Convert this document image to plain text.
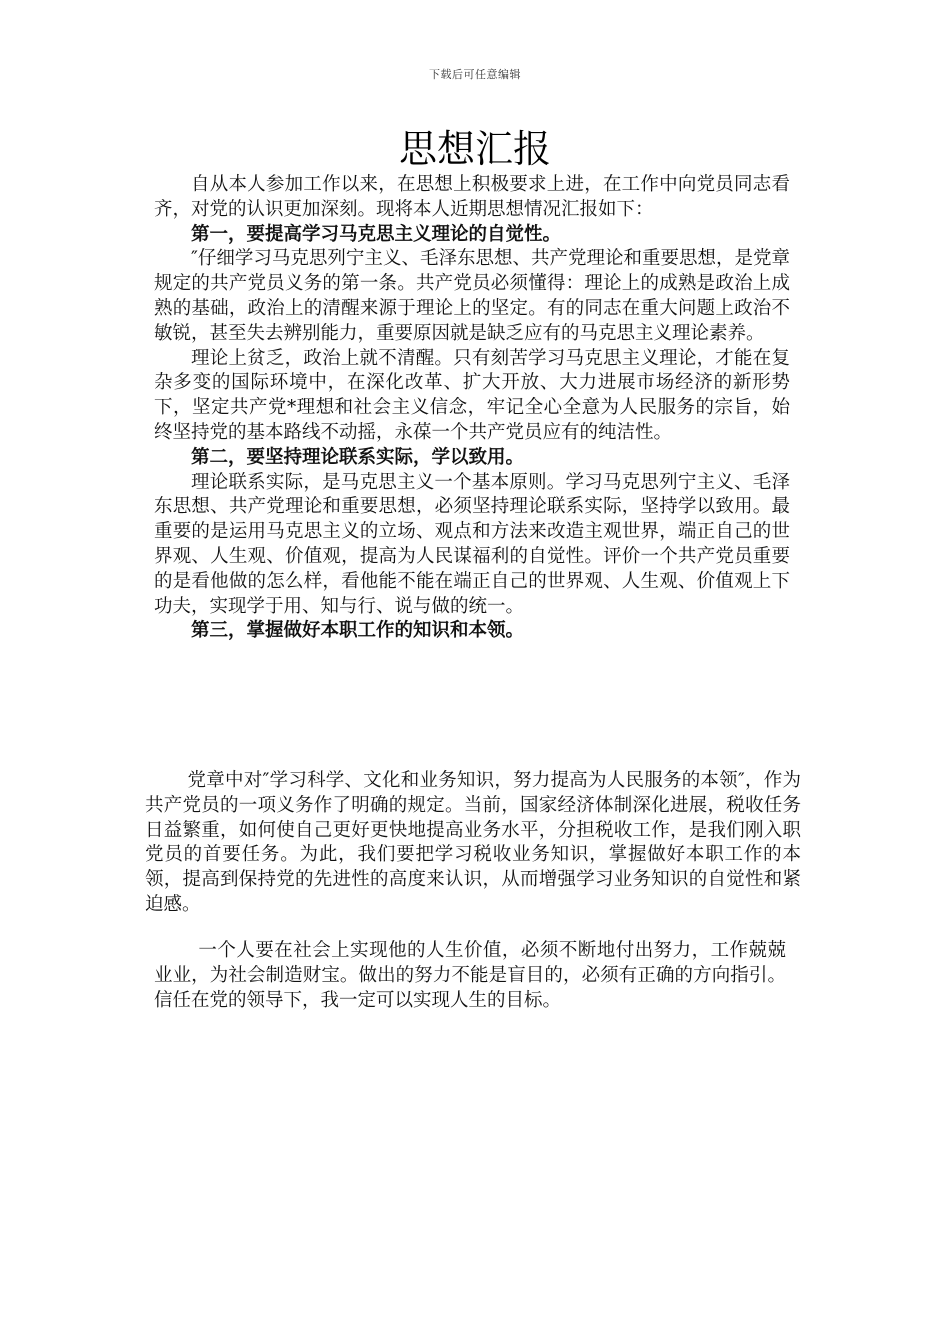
下载后可任意编辑
思想汇报

自从本人参加工作以来，在思想上积极要求上进，在工作中向党员同志看齐，对党的认识更加深刻。现将本人近期思想情况汇报如下：

第一，要提高学习马克思主义理论的自觉性。

″仔细学习马克思列宁主义、毛泽东思想、共产党理论和重要思想，是党章规定的共产党员义务的第一条。共产党员必须懂得：理论上的成熟是政治上成熟的基础，政治上的清醒来源于理论上的坚定。有的同志在重大问题上政治不敏锐，甚至失去辨别能力，重要原因就是缺乏应有的马克思主义理论素养。

理论上贫乏，政治上就不清醒。只有刻苦学习马克思主义理论，才能在复杂多变的国际环境中，在深化改革、扩大开放、大力进展市场经济的新形势下，坚定共产党*理想和社会主义信念，牢记全心全意为人民服务的宗旨，始终坚持党的基本路线不动摇，永葆一个共产党员应有的纯洁性。

第二，要坚持理论联系实际，学以致用。

理论联系实际，是马克思主义一个基本原则。学习马克思列宁主义、毛泽东思想、共产党理论和重要思想，必须坚持理论联系实际，坚持学以致用。最重要的是运用马克思主义的立场、观点和方法来改造主观世界，端正自己的世界观、人生观、价值观，提高为人民谋福利的自觉性。评价一个共产党员重要的是看他做的怎么样，看他能不能在端正自己的世界观、人生观、价值观上下功夫，实现学于用、知与行、说与做的统一。

第三，掌握做好本职工作的知识和本领。

党章中对″学习科学、文化和业务知识，努力提高为人民服务的本领″，作为共产党员的一项义务作了明确的规定。当前，国家经济体制深化进展，税收任务日益繁重，如何使自己更好更快地提高业务水平，分担税收工作，是我们刚入职党员的首要任务。为此，我们要把学习税收业务知识，掌握做好本职工作的本领，提高到保持党的先进性的高度来认识，从而增强学习业务知识的自觉性和紧迫感。

一个人要在社会上实现他的人生价值，必须不断地付出努力，工作兢兢业业，为社会制造财宝。做出的努力不能是盲目的，必须有正确的方向指引。信任在党的领导下，我一定可以实现人生的目标。
